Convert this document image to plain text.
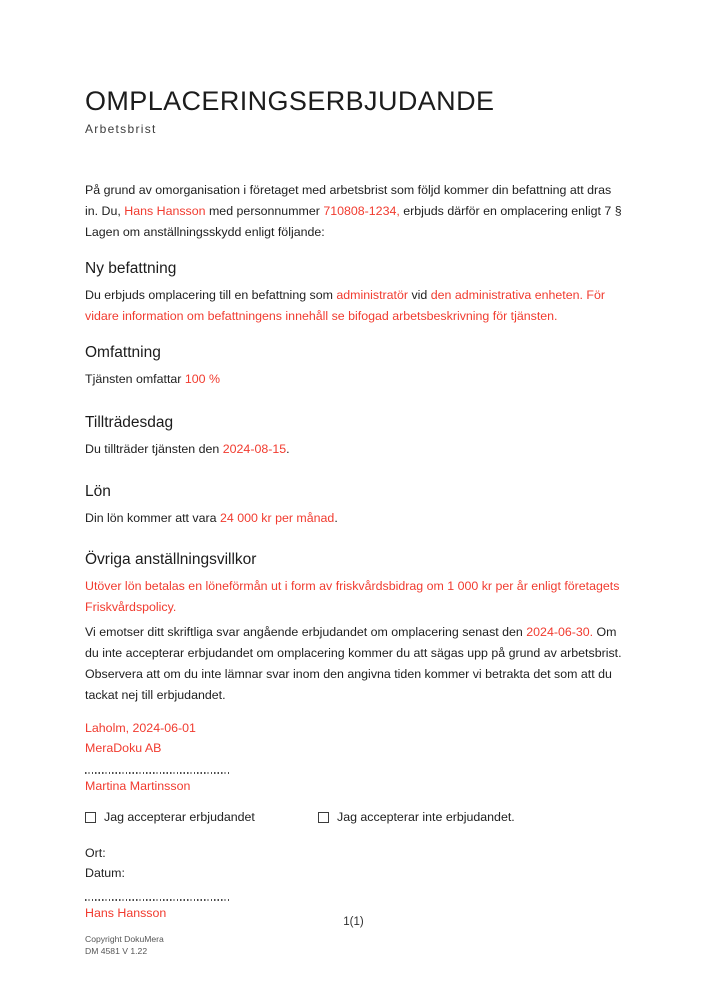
OMPLACERINGSERBJUDANDE
Arbetsbrist

På grund av omorganisation i företaget med arbetsbrist som följd kommer din befattning att dras in. Du, Hans Hansson med personnummer 710808-1234, erbjuds därför en omplacering enligt 7 § Lagen om anställningsskydd enligt följande:

Ny befattning

Du erbjuds omplacering till en befattning som administratör vid den administrativa enheten. För vidare information om befattningens innehåll se bifogad arbetsbeskrivning för tjänsten.

Omfattning

Tjänsten omfattar 100 %

Tillträdesdag

Du tillträder tjänsten den 2024-08-15.

Lön

Din lön kommer att vara 24 000 kr per månad.

Övriga anställningsvillkor

Utöver lön betalas en löneförmån ut i form av friskvårdsbidrag om 1 000 kr per år enligt företagets Friskvårdspolicy.

Vi emotser ditt skriftliga svar angående erbjudandet om omplacering senast den 2024-06-30. Om du inte accepterar erbjudandet om omplacering kommer du att sägas upp på grund av arbetsbrist. Observera att om du inte lämnar svar inom den angivna tiden kommer vi betrakta det som att du tackat nej till erbjudandet.

Laholm, 2024-06-01
MeraDoku AB
Martina Martinsson
Jag accepterar erbjudandet	Jag accepterar inte erbjudandet.
Ort:
Datum:
Hans Hansson
1(1)
Copyright DokuMera
DM 4581 V 1.22
